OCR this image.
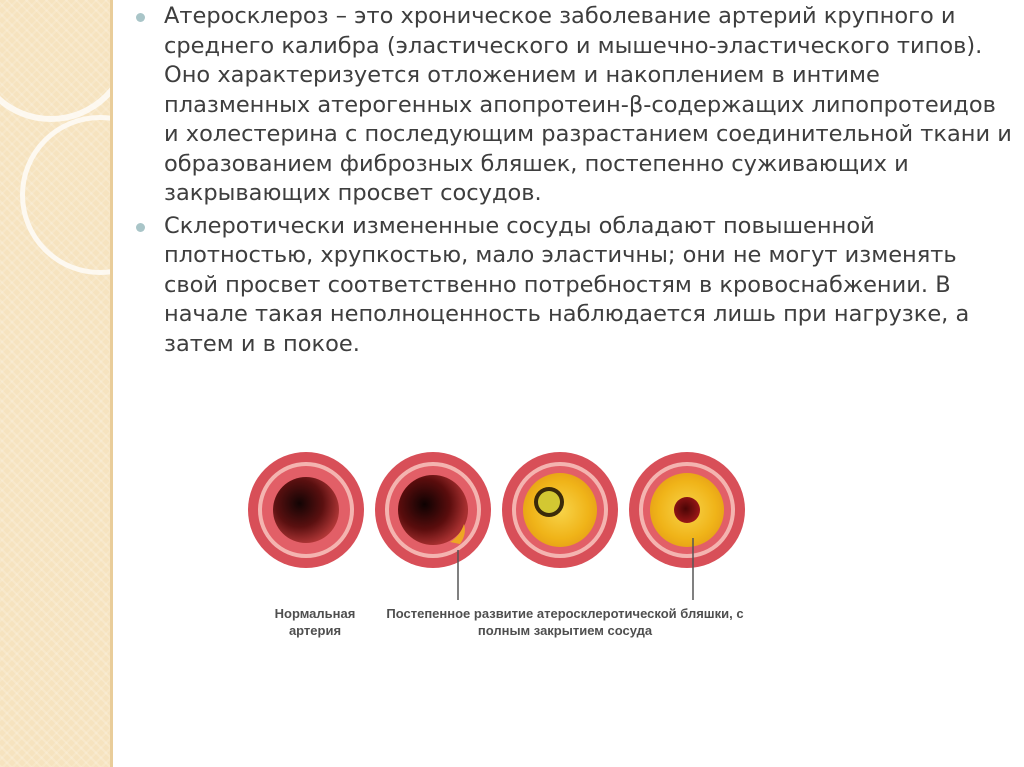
Атеросклероз – это хроническое заболевание артерий крупного и среднего калибра (эластического и мышечно-эластического типов). Оно характеризуется отложением и накоплением в интиме плазменных атерогенных апопротеин-β-содержащих липопротеидов и холестерина с последующим разрастанием соединительной ткани и образованием фиброзных бляшек, постепенно суживающих и закрывающих просвет сосудов.
Склеротически измененные сосуды обладают повышенной плотностью, хрупкостью, мало эластичны; они не могут изменять свой просвет соответственно потребностям в кровоснабжении. В начале такая неполноценность наблюдается лишь при нагрузке, а затем и в покое.
Нормальная артерия
Постепенное развитие атеросклеротической бляшки, с полным закрытием сосуда
